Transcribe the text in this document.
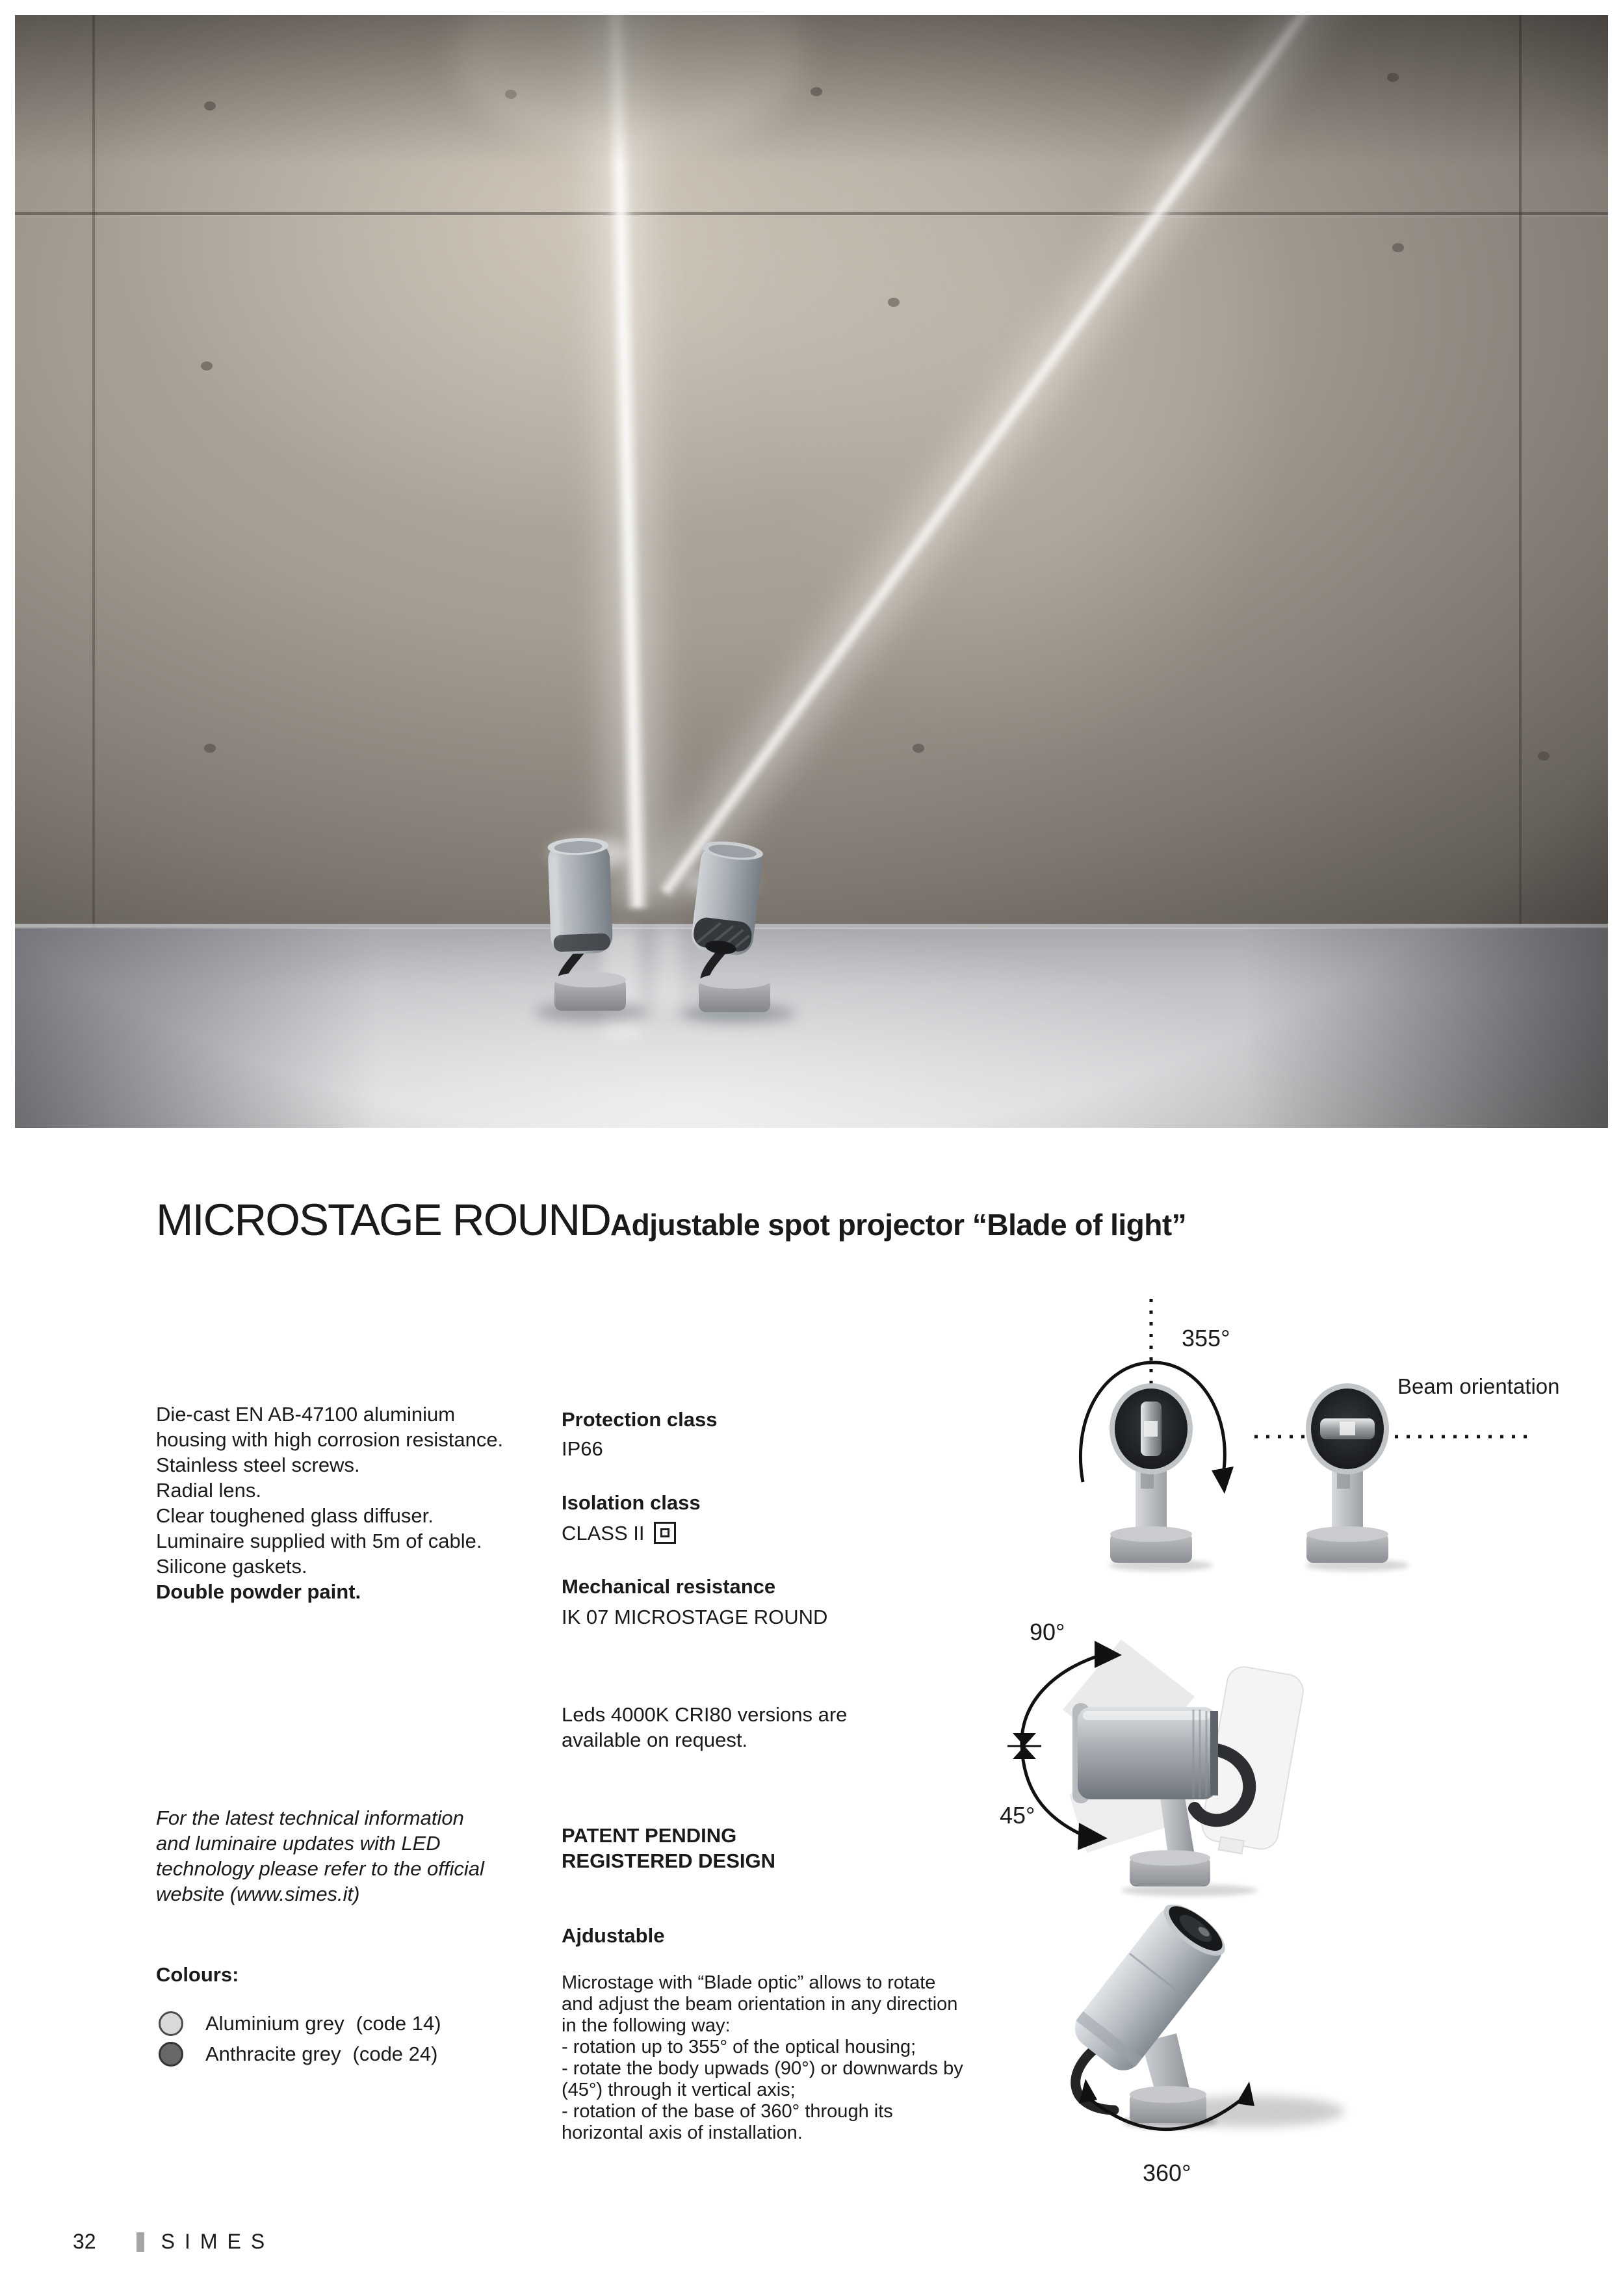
MICROSTAGE ROUND Adjustable spot projector “Blade of light”
Die-cast EN AB-47100 aluminium
housing with high corrosion resistance.
Stainless steel screws.
Radial lens.
Clear toughened glass diffuser.
Luminaire supplied with 5m of cable.
Silicone gaskets.
Double powder paint.
For the latest technical information
and luminaire updates with LED
technology please refer to the official
website (www.simes.it)
Colours:
Aluminium grey (code 14)
Anthracite grey (code 24)
Protection class
IP66
Isolation class
CLASS II
Mechanical resistance
IK 07 MICROSTAGE ROUND
Leds 4000K CRI80 versions are
available on request.
PATENT PENDING
REGISTERED DESIGN
Ajdustable
Microstage with “Blade optic” allows to rotate
and adjust the beam orientation in any direction
in the following way:
- rotation up to 355° of the optical housing;
- rotate the body upwads (90°) or downwards by
(45°) through it vertical axis;
- rotation of the base of 360° through its
horizontal axis of installation.
355°
Beam orientation
90°
45°
360°
32	SIMES
